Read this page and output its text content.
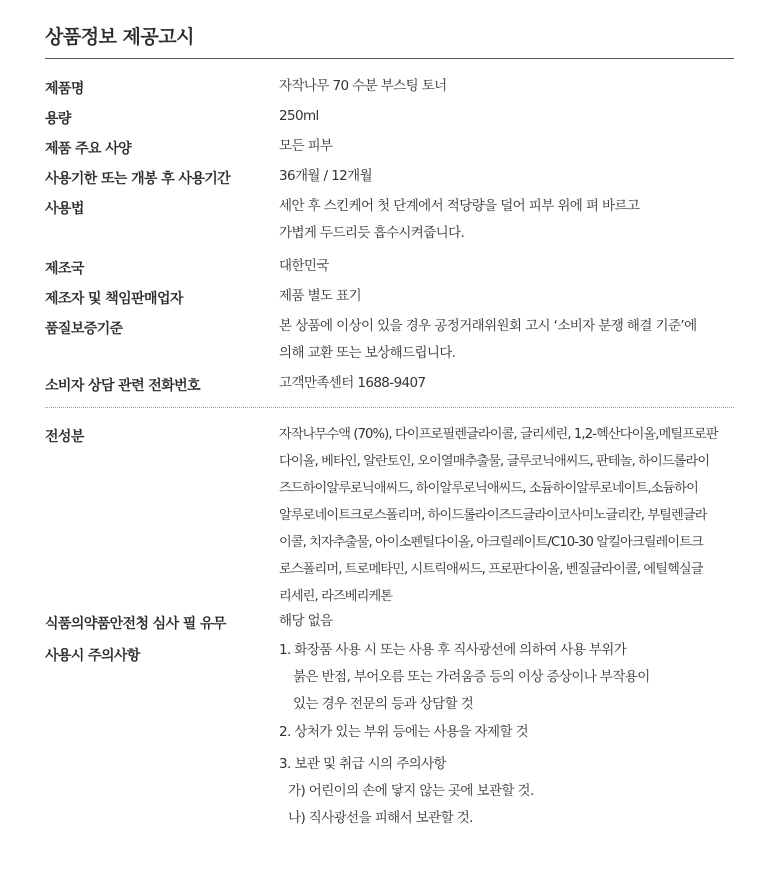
상품정보 제공고시
제품명	자작나무 70 수분 부스팅 토너
용량	250ml
제품 주요 사양	모든 피부
사용기한 또는 개봉 후 사용기간	36개월 / 12개월
사용법	세안 후 스킨케어 첫 단계에서 적당량을 덜어 피부 위에 펴 바르고
가볍게 두드리듯 흡수시켜줍니다.
제조국	대한민국
제조자 및 책임판매업자	제품 별도 표기
품질보증기준	본 상품에 이상이 있을 경우 공정거래위원회 고시 ‘소비자 분쟁 해결 기준’에
의해 교환 또는 보상해드립니다.
소비자 상담 관련 전화번호	고객만족센터 1688-9407
전성분	자작나무수액 (70%), 다이프로필렌글라이콜, 글리세린, 1,2-헥산다이올,메틸프로판
다이올, 베타인, 알란토인, 오이열매추출물, 글루코닉애씨드, 판테놀, 하이드롤라이
즈드하이알루로닉애씨드, 하이알루로닉애씨드, 소듐하이알루로네이트,소듐하이
알루로네이트크로스폴리머, 하이드롤라이즈드글라이코사미노글리칸, 부틸렌글라
이콜, 치자추출물, 아이소펜틸다이올, 아크릴레이트/C10-30 알킬아크릴레이트크
로스폴리머, 트로메타민, 시트릭애씨드, 프로판다이올, 벤질글라이콜, 에틸헥실글
리세린, 라즈베리케톤
식품의약품안전청 심사 필 유무	해당 없음
사용시 주의사항	1. 화장품 사용 시 또는 사용 후 직사광선에 의하여 사용 부위가
붉은 반점, 부어오름 또는 가려움증 등의 이상 증상이나 부작용이
있는 경우 전문의 등과 상담할 것
2. 상처가 있는 부위 등에는 사용을 자제할 것
3. 보관 및 취급 시의 주의사항
가) 어린이의 손에 닿지 않는 곳에 보관할 것.
나) 직사광선을 피해서 보관할 것.
